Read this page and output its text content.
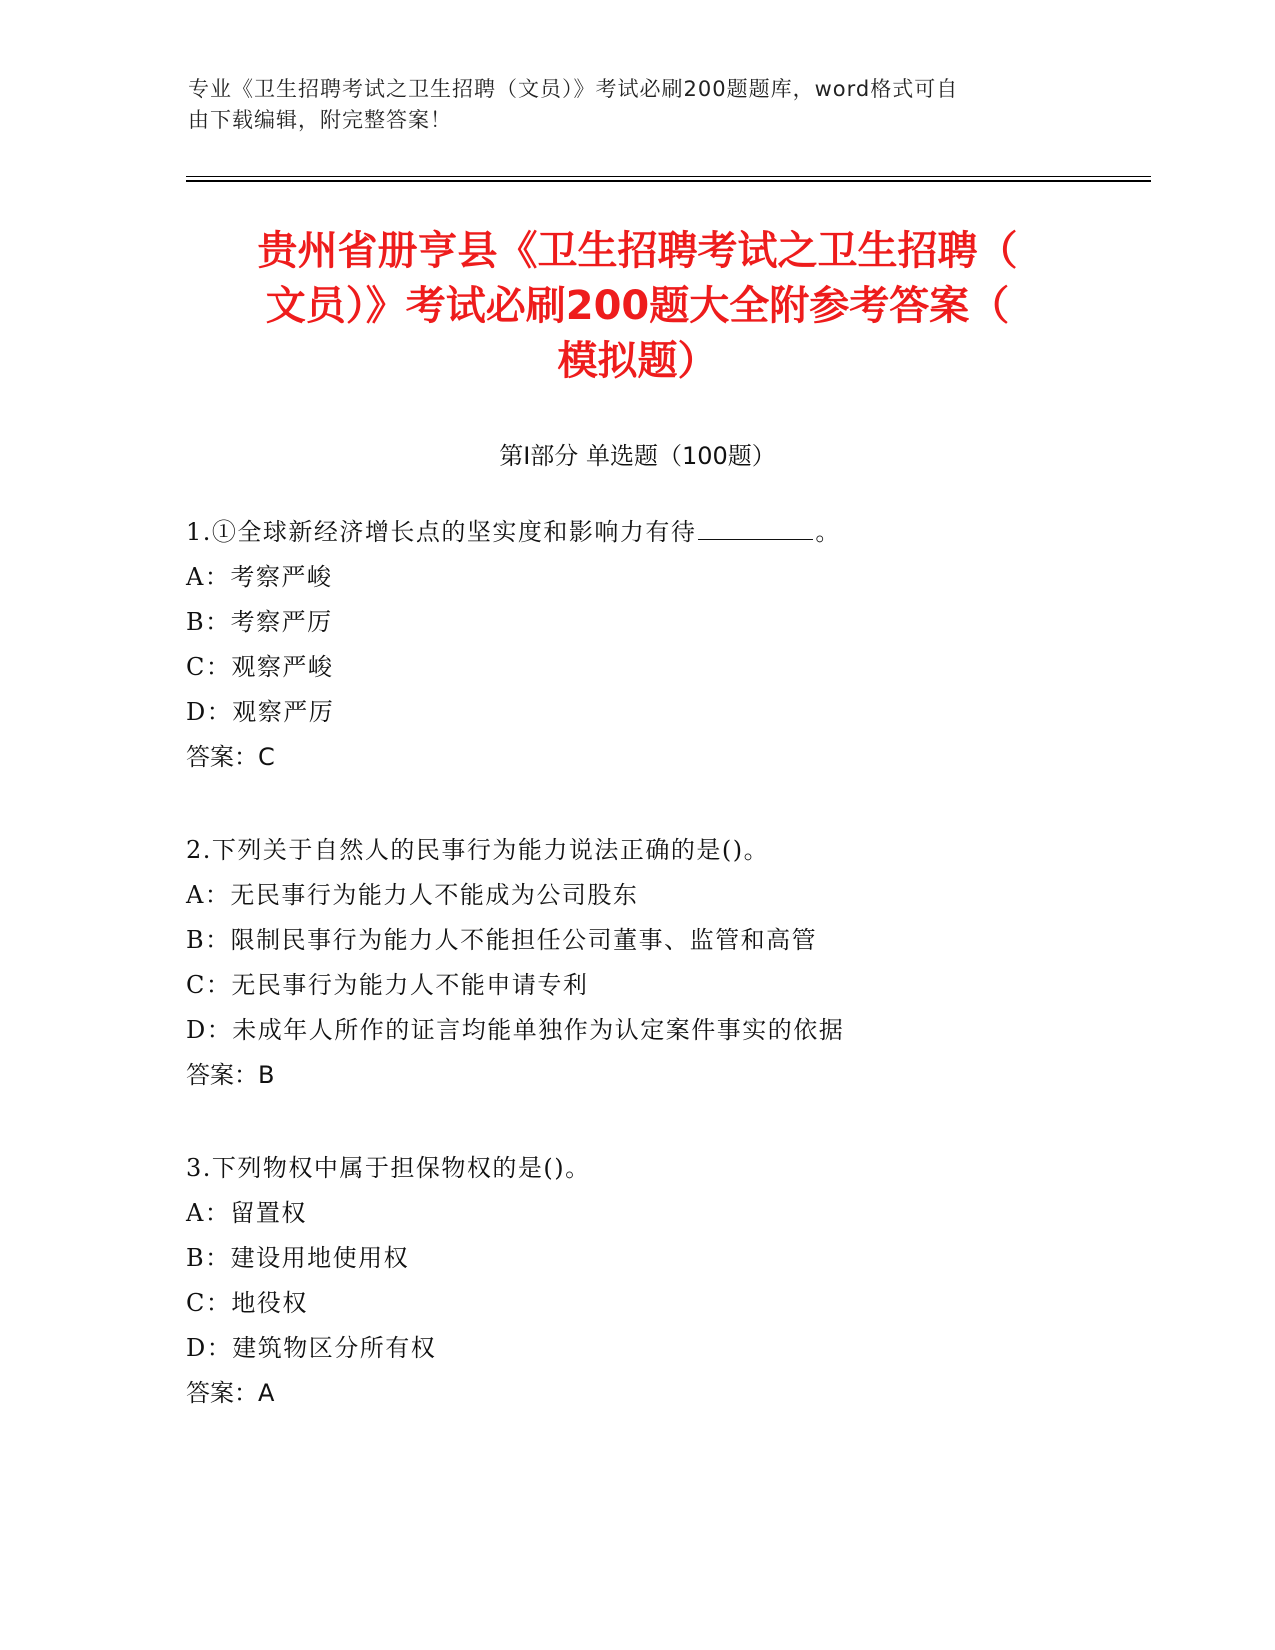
专业《卫生招聘考试之卫生招聘（文员）》考试必刷200题题库，word格式可自
由下载编辑，附完整答案！
贵州省册亨县《卫生招聘考试之卫生招聘（
文员）》考试必刷200题大全附参考答案（
模拟题）
第I部分 单选题（100题）
1.①全球新经济增长点的坚实度和影响力有待	。
A：考察严峻
B：考察严厉
C：观察严峻
D：观察严厉
答案：C
2.下列关于自然人的民事行为能力说法正确的是()。
A：无民事行为能力人不能成为公司股东
B：限制民事行为能力人不能担任公司董事、监管和高管
C：无民事行为能力人不能申请专利
D：未成年人所作的证言均能单独作为认定案件事实的依据
答案：B
3.下列物权中属于担保物权的是()。
A：留置权
B：建设用地使用权
C：地役权
D：建筑物区分所有权
答案：A
